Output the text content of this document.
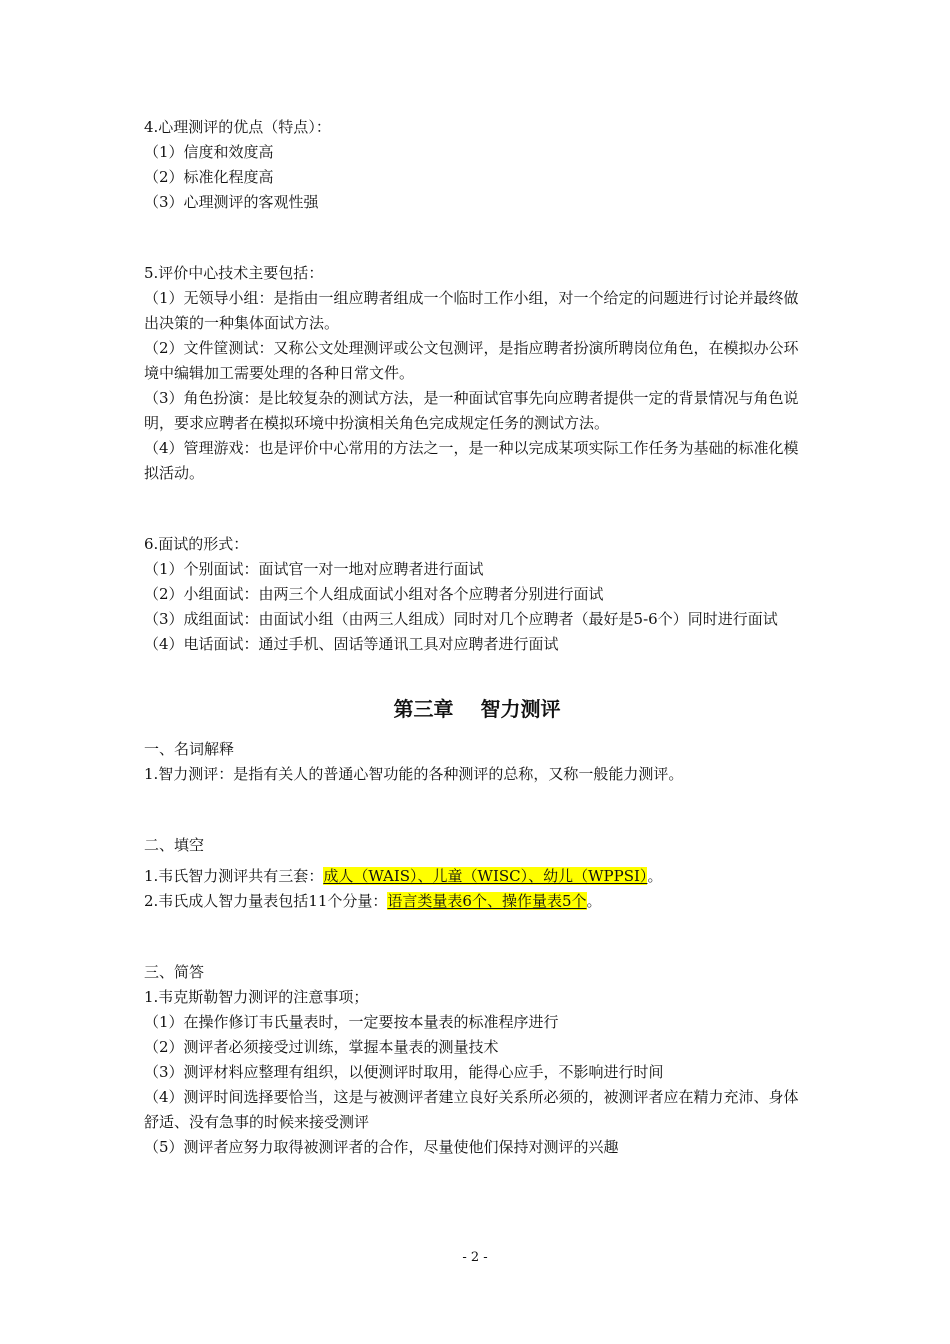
4.心理测评的优点（特点）：

（1）信度和效度高

（2）标准化程度高

（3）心理测评的客观性强

5.评价中心技术主要包括：

（1）无领导小组：是指由一组应聘者组成一个临时工作小组，对一个给定的问题进行讨论并最终做出决策的一种集体面试方法。

（2）文件筐测试：又称公文处理测评或公文包测评，是指应聘者扮演所聘岗位角色，在模拟办公环境中编辑加工需要处理的各种日常文件。

（3）角色扮演：是比较复杂的测试方法，是一种面试官事先向应聘者提供一定的背景情况与角色说明，要求应聘者在模拟环境中扮演相关角色完成规定任务的测试方法。

（4）管理游戏：也是评价中心常用的方法之一，是一种以完成某项实际工作任务为基础的标准化模拟活动。

6.面试的形式：

（1）个别面试：面试官一对一地对应聘者进行面试

（2）小组面试：由两三个人组成面试小组对各个应聘者分别进行面试

（3）成组面试：由面试小组（由两三人组成）同时对几个应聘者（最好是5-6个）同时进行面试

（4）电话面试：通过手机、固话等通讯工具对应聘者进行面试

第三章　 智力测评

一、名词解释

1.智力测评：是指有关人的普通心智功能的各种测评的总称，又称一般能力测评。

二、填空

1.韦氏智力测评共有三套：成人（WAIS）、儿童（WISC）、幼儿（WPPSI）。

2.韦氏成人智力量表包括11个分量：语言类量表6个、操作量表5个。

三、简答

1.韦克斯勒智力测评的注意事项；

（1）在操作修订韦氏量表时，一定要按本量表的标准程序进行

（2）测评者必须接受过训练，掌握本量表的测量技术

（3）测评材料应整理有组织，以便测评时取用，能得心应手，不影响进行时间

（4）测评时间选择要恰当，这是与被测评者建立良好关系所必须的，被测评者应在精力充沛、身体舒适、没有急事的时候来接受测评

（5）测评者应努力取得被测评者的合作，尽量使他们保持对测评的兴趣

- 2 -
